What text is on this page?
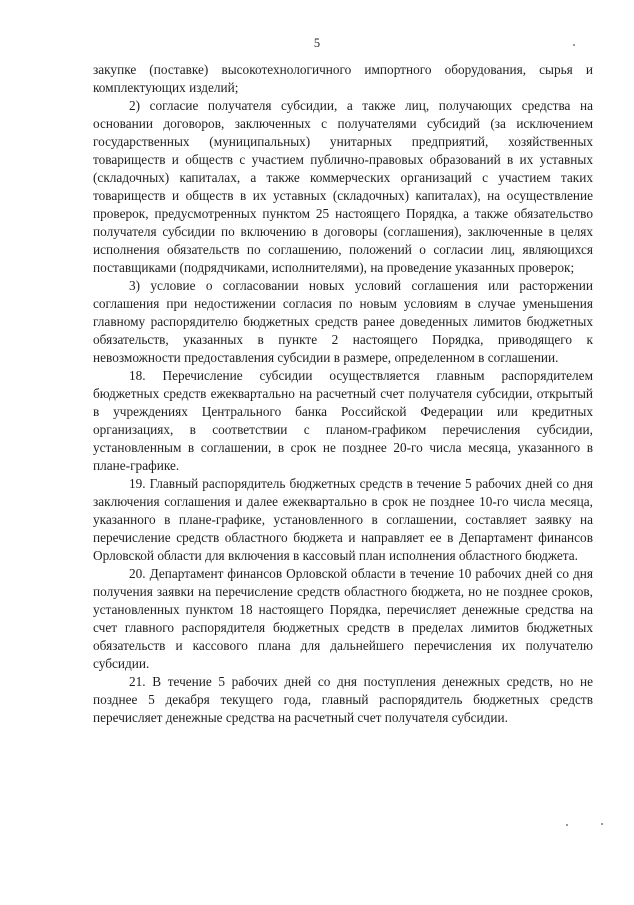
5

закупке (поставке) высокотехнологичного импортного оборудования, сырья и комплектующих изделий;

2) согласие получателя субсидии, а также лиц, получающих средства на основании договоров, заключенных с получателями субсидий (за исключением государственных (муниципальных) унитарных предприятий, хозяйственных товариществ и обществ с участием публично-правовых образований в их уставных (складочных) капиталах, а также коммерческих организаций с участием таких товариществ и обществ в их уставных (складочных) капиталах), на осуществление проверок, предусмотренных пунктом 25 настоящего Порядка, а также обязательство получателя субсидии по включению в договоры (соглашения), заключенные в целях исполнения обязательств по соглашению, положений о согласии лиц, являющихся поставщиками (подрядчиками, исполнителями), на проведение указанных проверок;

3) условие о согласовании новых условий соглашения или расторжении соглашения при недостижении согласия по новым условиям в случае уменьшения главному распорядителю бюджетных средств ранее доведенных лимитов бюджетных обязательств, указанных в пункте 2 настоящего Порядка, приводящего к невозможности предоставления субсидии в размере, определенном в соглашении.

18. Перечисление субсидии осуществляется главным распорядителем бюджетных средств ежеквартально на расчетный счет получателя субсидии, открытый в учреждениях Центрального банка Российской Федерации или кредитных организациях, в соответствии с планом-графиком перечисления субсидии, установленным в соглашении, в срок не позднее 20-го числа месяца, указанного в плане-графике.

19. Главный распорядитель бюджетных средств в течение 5 рабочих дней со дня заключения соглашения и далее ежеквартально в срок не позднее 10-го числа месяца, указанного в плане-графике, установленного в соглашении, составляет заявку на перечисление средств областного бюджета и направляет ее в Департамент финансов Орловской области для включения в кассовый план исполнения областного бюджета.

20. Департамент финансов Орловской области в течение 10 рабочих дней со дня получения заявки на перечисление средств областного бюджета, но не позднее сроков, установленных пунктом 18 настоящего Порядка, перечисляет денежные средства на счет главного распорядителя бюджетных средств в пределах лимитов бюджетных обязательств и кассового плана для дальнейшего перечисления их получателю субсидии.

21. В течение 5 рабочих дней со дня поступления денежных средств, но не позднее 5 декабря текущего года, главный распорядитель бюджетных средств перечисляет денежные средства на расчетный счет получателя субсидии.
